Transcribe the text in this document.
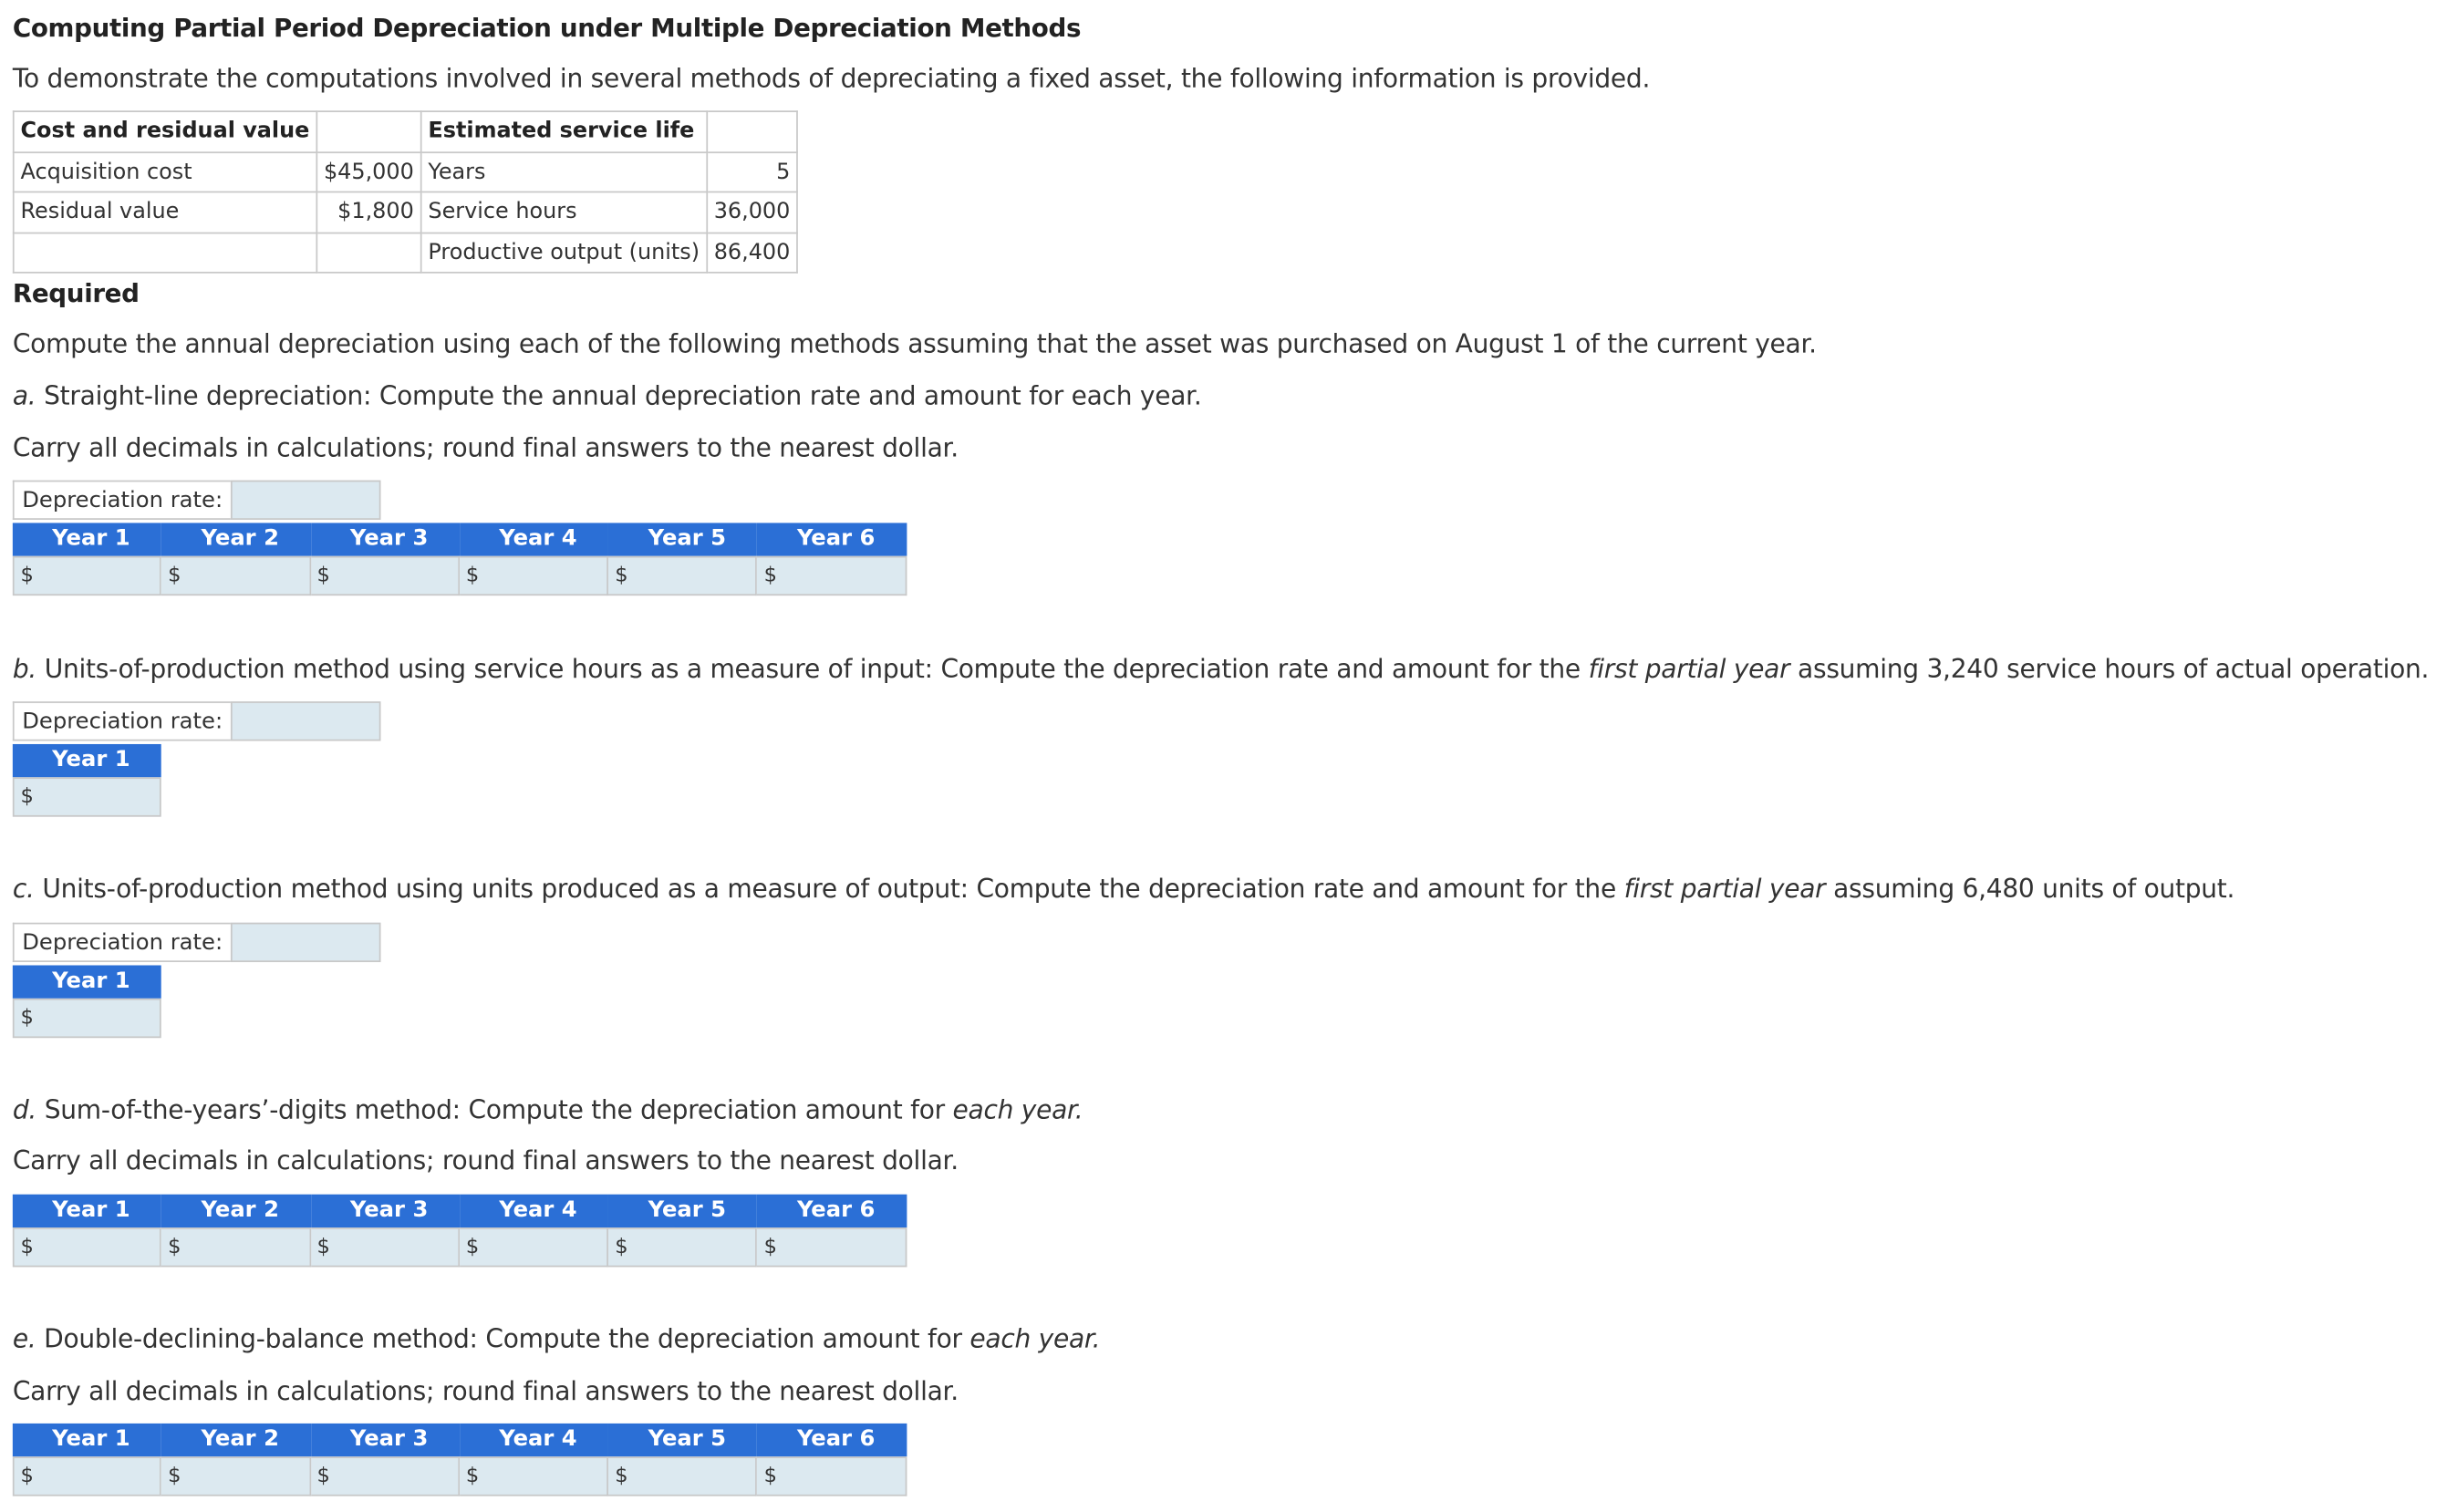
Computing Partial Period Depreciation under Multiple Depreciation Methods
To demonstrate the computations involved in several methods of depreciating a fixed asset, the following information is provided.
Cost and residual value		Estimated service life	
Acquisition cost	$45,000	Years	5
Residual value	$1,800	Service hours	36,000
		Productive output (units)	86,400
Required
Compute the annual depreciation using each of the following methods assuming that the asset was purchased on August 1 of the current year.
a. Straight-line depreciation: Compute the annual depreciation rate and amount for each year.
Carry all decimals in calculations; round final answers to the nearest dollar.
Depreciation rate:
Year 1	Year 2	Year 3	Year 4	Year 5	Year 6
$	$	$	$	$	$
b. Units-of-production method using service hours as a measure of input: Compute the depreciation rate and amount for the first partial year assuming 3,240 service hours of actual operation.
Depreciation rate:
Year 1
$
c. Units-of-production method using units produced as a measure of output: Compute the depreciation rate and amount for the first partial year assuming 6,480 units of output.
Depreciation rate:
Year 1
$
d. Sum-of-the-years’-digits method: Compute the depreciation amount for each year.
Carry all decimals in calculations; round final answers to the nearest dollar.
Year 1	Year 2	Year 3	Year 4	Year 5	Year 6
$	$	$	$	$	$
e. Double-declining-balance method: Compute the depreciation amount for each year.
Carry all decimals in calculations; round final answers to the nearest dollar.
Year 1	Year 2	Year 3	Year 4	Year 5	Year 6
$	$	$	$	$	$
